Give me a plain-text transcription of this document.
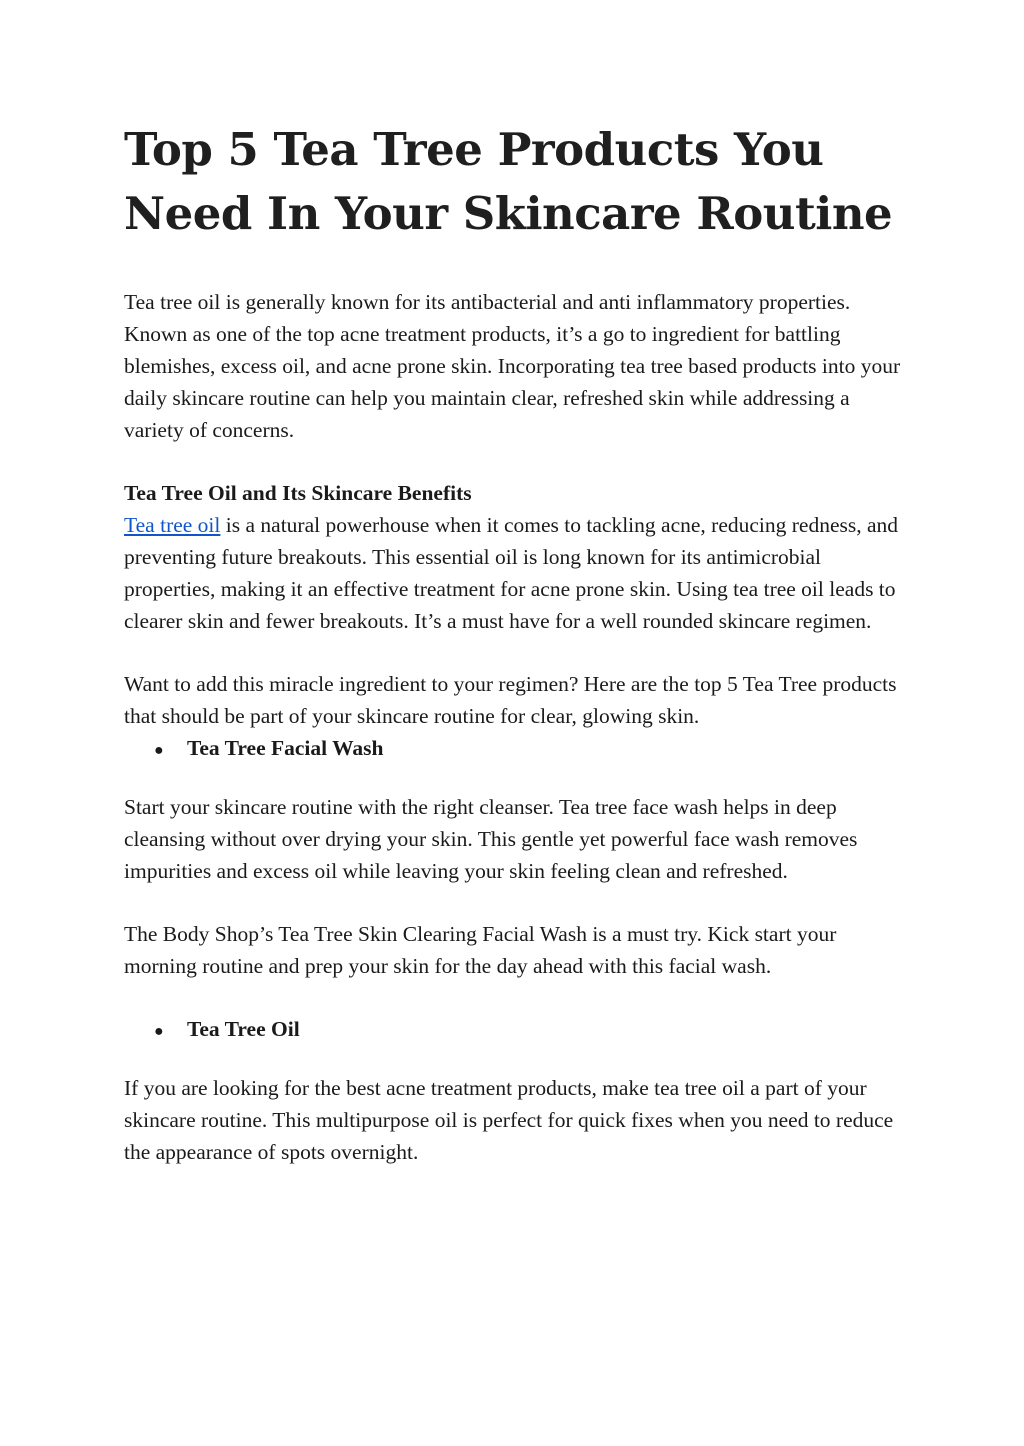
Top 5 Tea Tree Products You
Need In Your Skincare Routine

Tea tree oil is generally known for its antibacterial and anti inflammatory properties. Known as one of the top acne treatment products, it’s a go to ingredient for battling blemishes, excess oil, and acne prone skin. Incorporating tea tree based products into your daily skincare routine can help you maintain clear, refreshed skin while addressing a variety of concerns.

Tea Tree Oil and Its Skincare Benefits

Tea tree oil is a natural powerhouse when it comes to tackling acne, reducing redness, and preventing future breakouts. This essential oil is long known for its antimicrobial properties, making it an effective treatment for acne prone skin. Using tea tree oil leads to clearer skin and fewer breakouts. It’s a must have for a well rounded skincare regimen.

Want to add this miracle ingredient to your regimen? Here are the top 5 Tea Tree products that should be part of your skincare routine for clear, glowing skin.

●	Tea Tree Facial Wash

Start your skincare routine with the right cleanser. Tea tree face wash helps in deep cleansing without over drying your skin. This gentle yet powerful face wash removes impurities and excess oil while leaving your skin feeling clean and refreshed.

The Body Shop’s Tea Tree Skin Clearing Facial Wash is a must try. Kick start your morning routine and prep your skin for the day ahead with this facial wash.

●	Tea Tree Oil

If you are looking for the best acne treatment products, make tea tree oil a part of your skincare routine. This multipurpose oil is perfect for quick fixes when you need to reduce the appearance of spots overnight.
